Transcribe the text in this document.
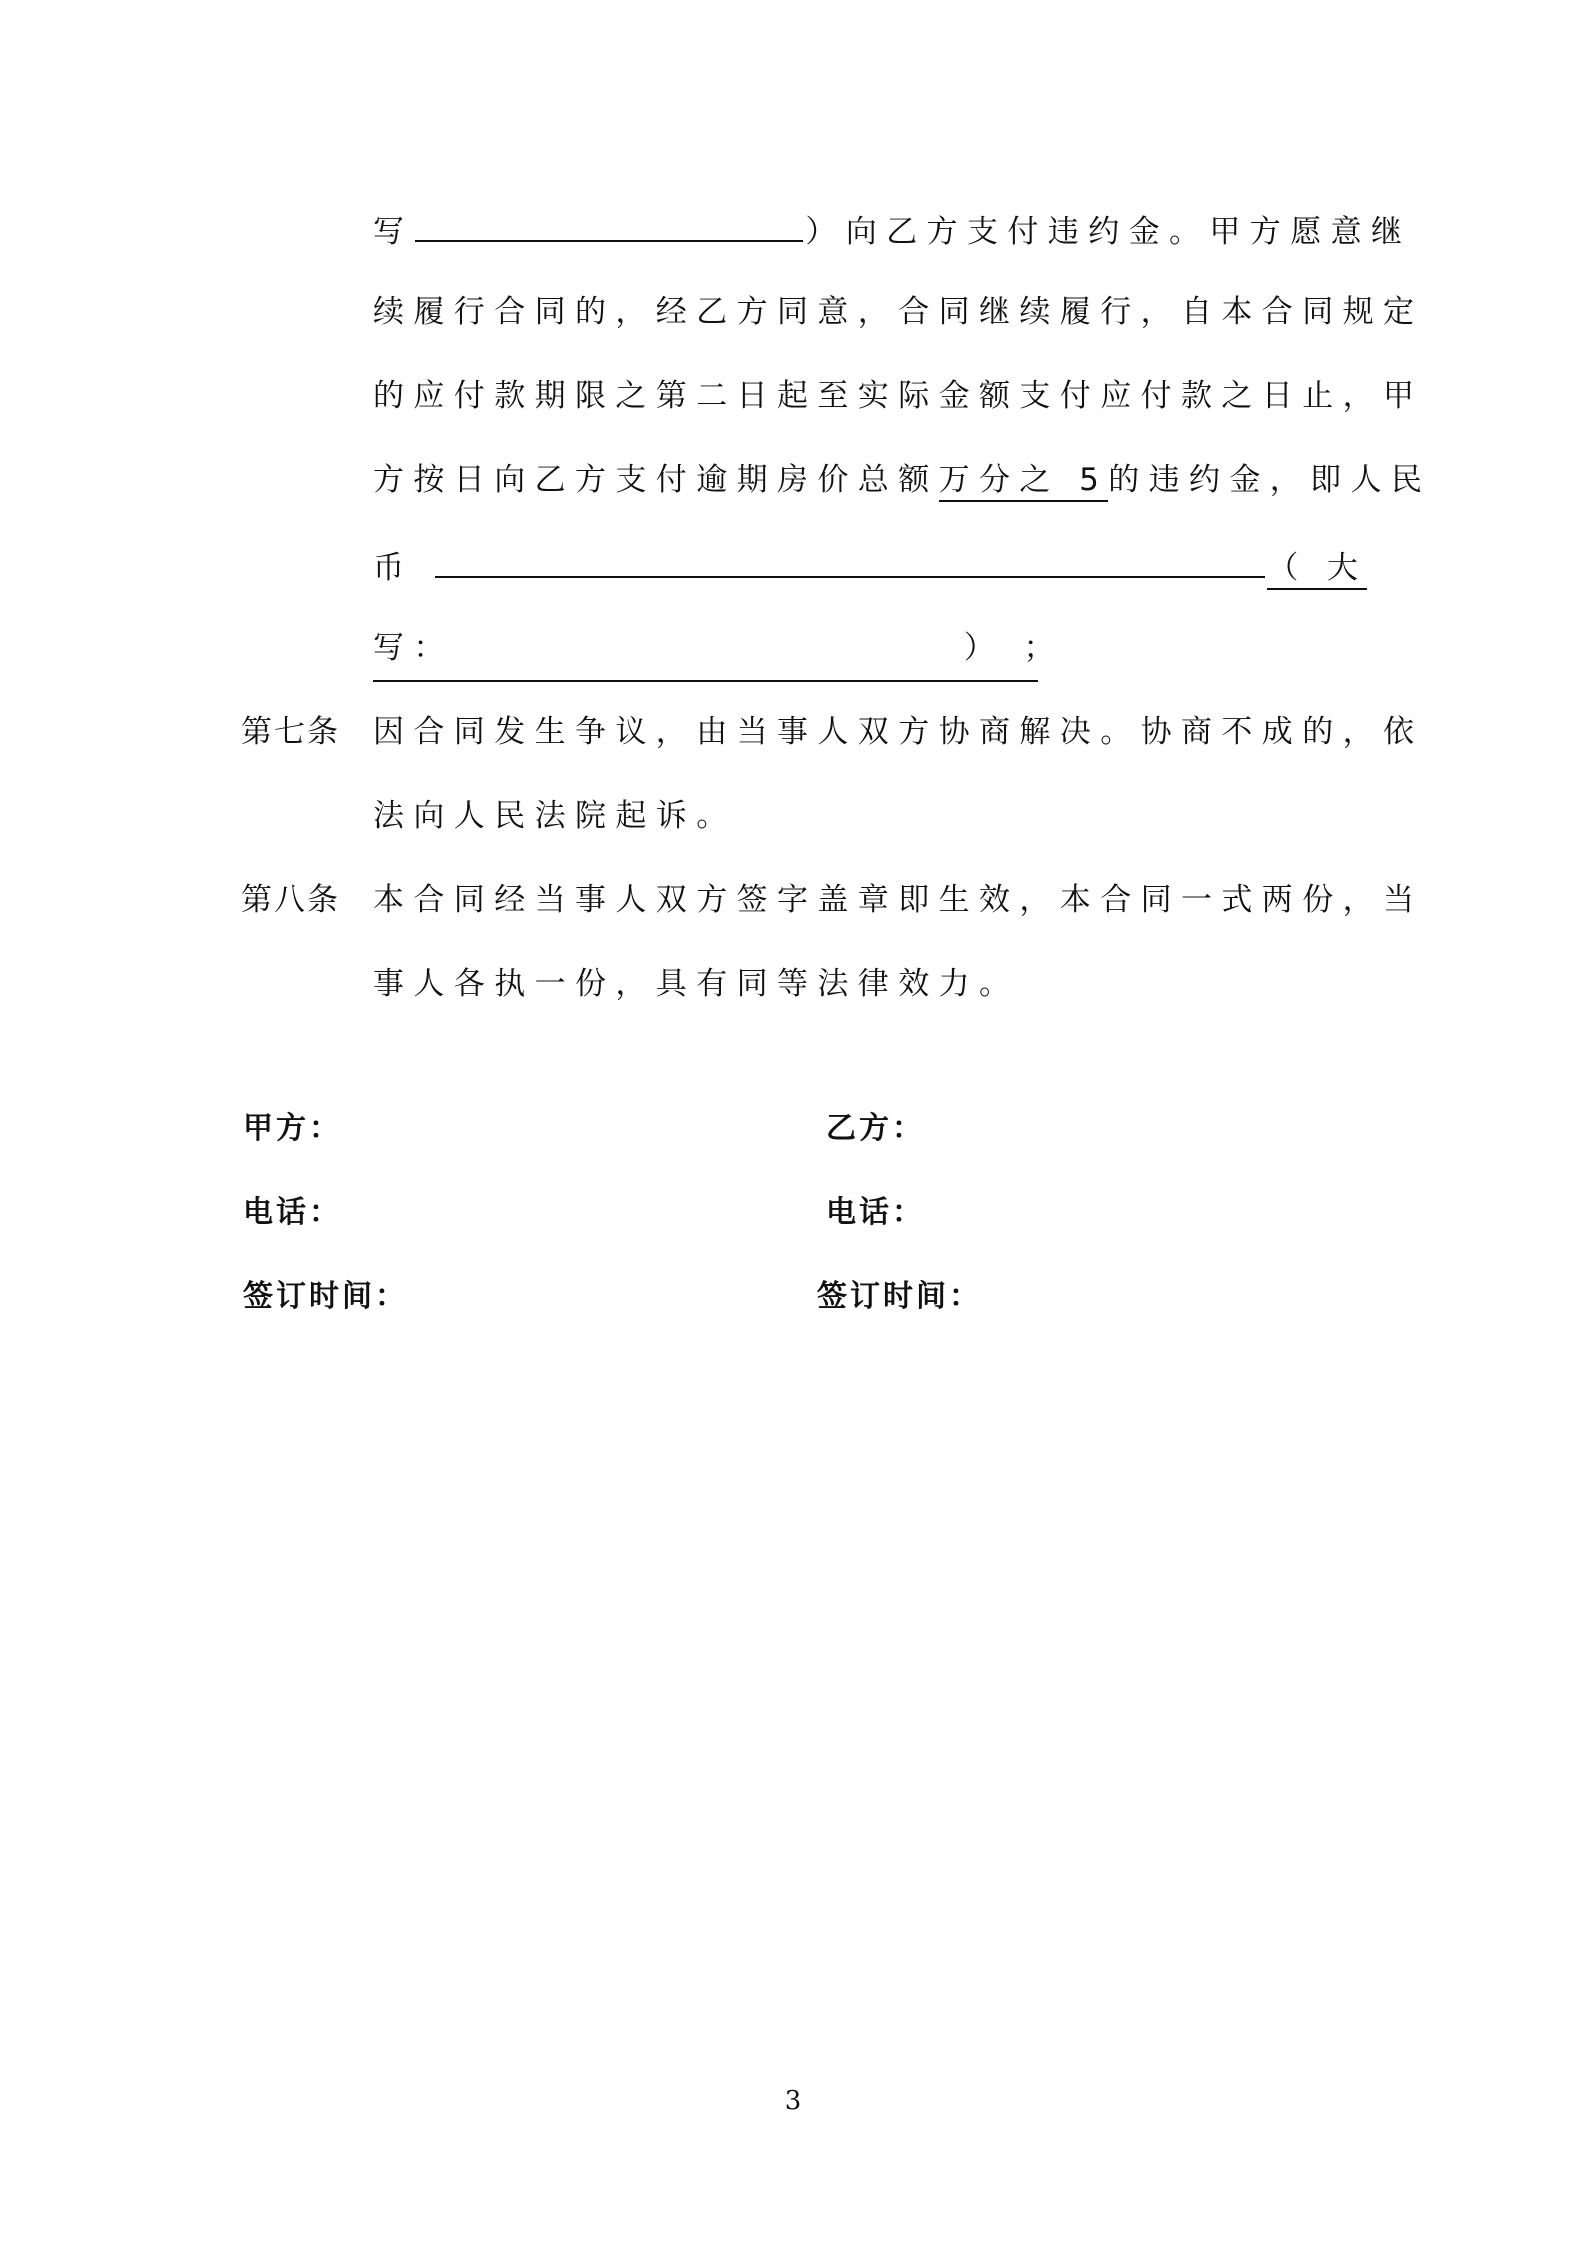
写	）向乙方支付违约金。甲方愿意继
续履行合同的，经乙方同意，合同继续履行，自本合同规定
的应付款期限之第二日起至实际金额支付应付款之日止，甲
方按日向乙方支付逾期房价总额万分之 5的违约金，即人民
币	（ 大
写：	） ；
第七条	因合同发生争议，由当事人双方协商解决。协商不成的，依
法向人民法院起诉。
第八条	本合同经当事人双方签字盖章即生效，本合同一式两份，当
事人各执一份，具有同等法律效力。
甲方：	乙方：
电话：	电话：
签订时间：	签订时间：
3
